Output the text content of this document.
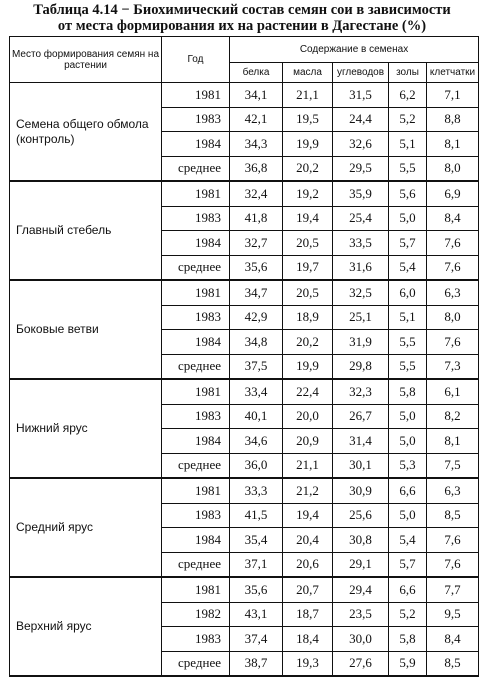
Таблица 4.14 − Биохимический состав семян сои в зависимости
от места формирования их на растении в Дагестане (%)
Место формирования семян на растении	Год	Содержание в семенах				
		белка	масла	углеводов	золы	клетчатки
Семена общего обмола (контроль)	1981	34,1	21,1	31,5	6,2	7,1
	1983	42,1	19,5	24,4	5,2	8,8
	1984	34,3	19,9	32,6	5,1	8,1
	среднее	36,8	20,2	29,5	5,5	8,0
Главный стебель	1981	32,4	19,2	35,9	5,6	6,9
	1983	41,8	19,4	25,4	5,0	8,4
	1984	32,7	20,5	33,5	5,7	7,6
	среднее	35,6	19,7	31,6	5,4	7,6
Боковые ветви	1981	34,7	20,5	32,5	6,0	6,3
	1983	42,9	18,9	25,1	5,1	8,0
	1984	34,8	20,2	31,9	5,5	7,6
	среднее	37,5	19,9	29,8	5,5	7,3
Нижний ярус	1981	33,4	22,4	32,3	5,8	6,1
	1983	40,1	20,0	26,7	5,0	8,2
	1984	34,6	20,9	31,4	5,0	8,1
	среднее	36,0	21,1	30,1	5,3	7,5
Средний ярус	1981	33,3	21,2	30,9	6,6	6,3
	1983	41,5	19,4	25,6	5,0	8,5
	1984	35,4	20,4	30,8	5,4	7,6
	среднее	37,1	20,6	29,1	5,7	7,6
Верхний ярус	1981	35,6	20,7	29,4	6,6	7,7
	1982	43,1	18,7	23,5	5,2	9,5
	1983	37,4	18,4	30,0	5,8	8,4
	среднее	38,7	19,3	27,6	5,9	8,5
